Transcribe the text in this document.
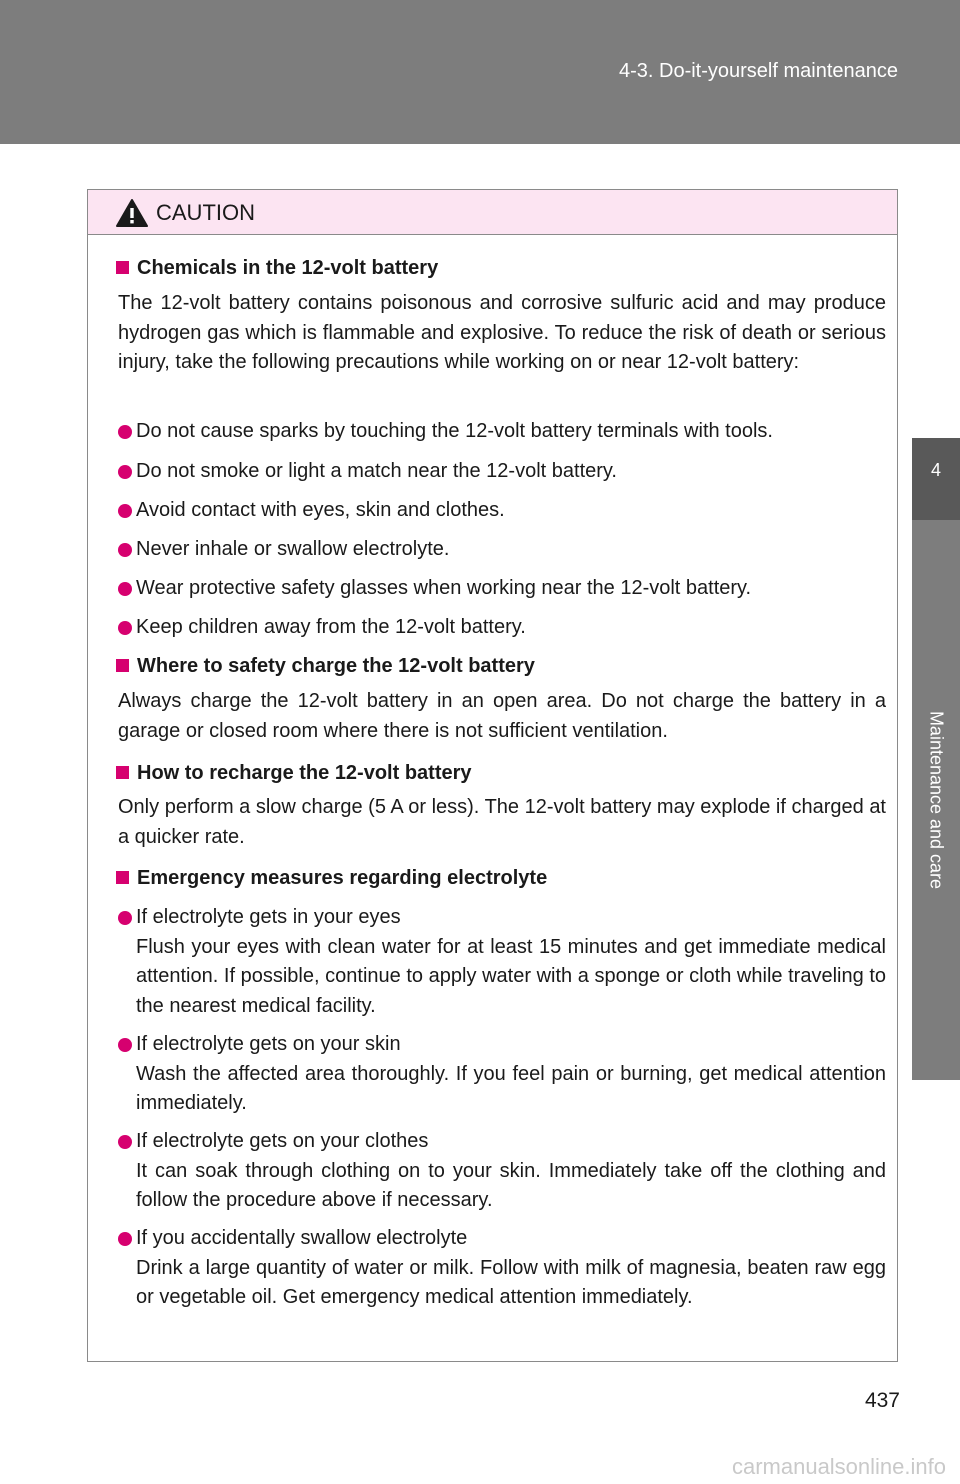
4-3. Do-it-yourself maintenance
4
Maintenance and care
CAUTION
Chemicals in the 12-volt battery
The 12-volt battery contains poisonous and corrosive sulfuric acid and may produce hydrogen gas which is flammable and explosive. To reduce the risk of death or serious injury, take the following precautions while working on or near 12-volt battery:
Do not cause sparks by touching the 12-volt battery terminals with tools.
Do not smoke or light a match near the 12-volt battery.
Avoid contact with eyes, skin and clothes.
Never inhale or swallow electrolyte.
Wear protective safety glasses when working near the 12-volt battery.
Keep children away from the 12-volt battery.
Where to safety charge the 12-volt battery
Always charge the 12-volt battery in an open area. Do not charge the battery in a garage or closed room where there is not sufficient ventilation.
How to recharge the 12-volt battery
Only perform a slow charge (5 A or less). The 12-volt battery may explode if charged at a quicker rate.
Emergency measures regarding electrolyte
If electrolyte gets in your eyes
Flush your eyes with clean water for at least 15 minutes and get immediate medical attention. If possible, continue to apply water with a sponge or cloth while traveling to the nearest medical facility.
If electrolyte gets on your skin
Wash the affected area thoroughly. If you feel pain or burning, get medical attention immediately.
If electrolyte gets on your clothes
It can soak through clothing on to your skin. Immediately take off the clothing and follow the procedure above if necessary.
If you accidentally swallow electrolyte
Drink a large quantity of water or milk. Follow with milk of magnesia, beaten raw egg or vegetable oil. Get emergency medical attention immediately.
437
carmanualsonline.info
